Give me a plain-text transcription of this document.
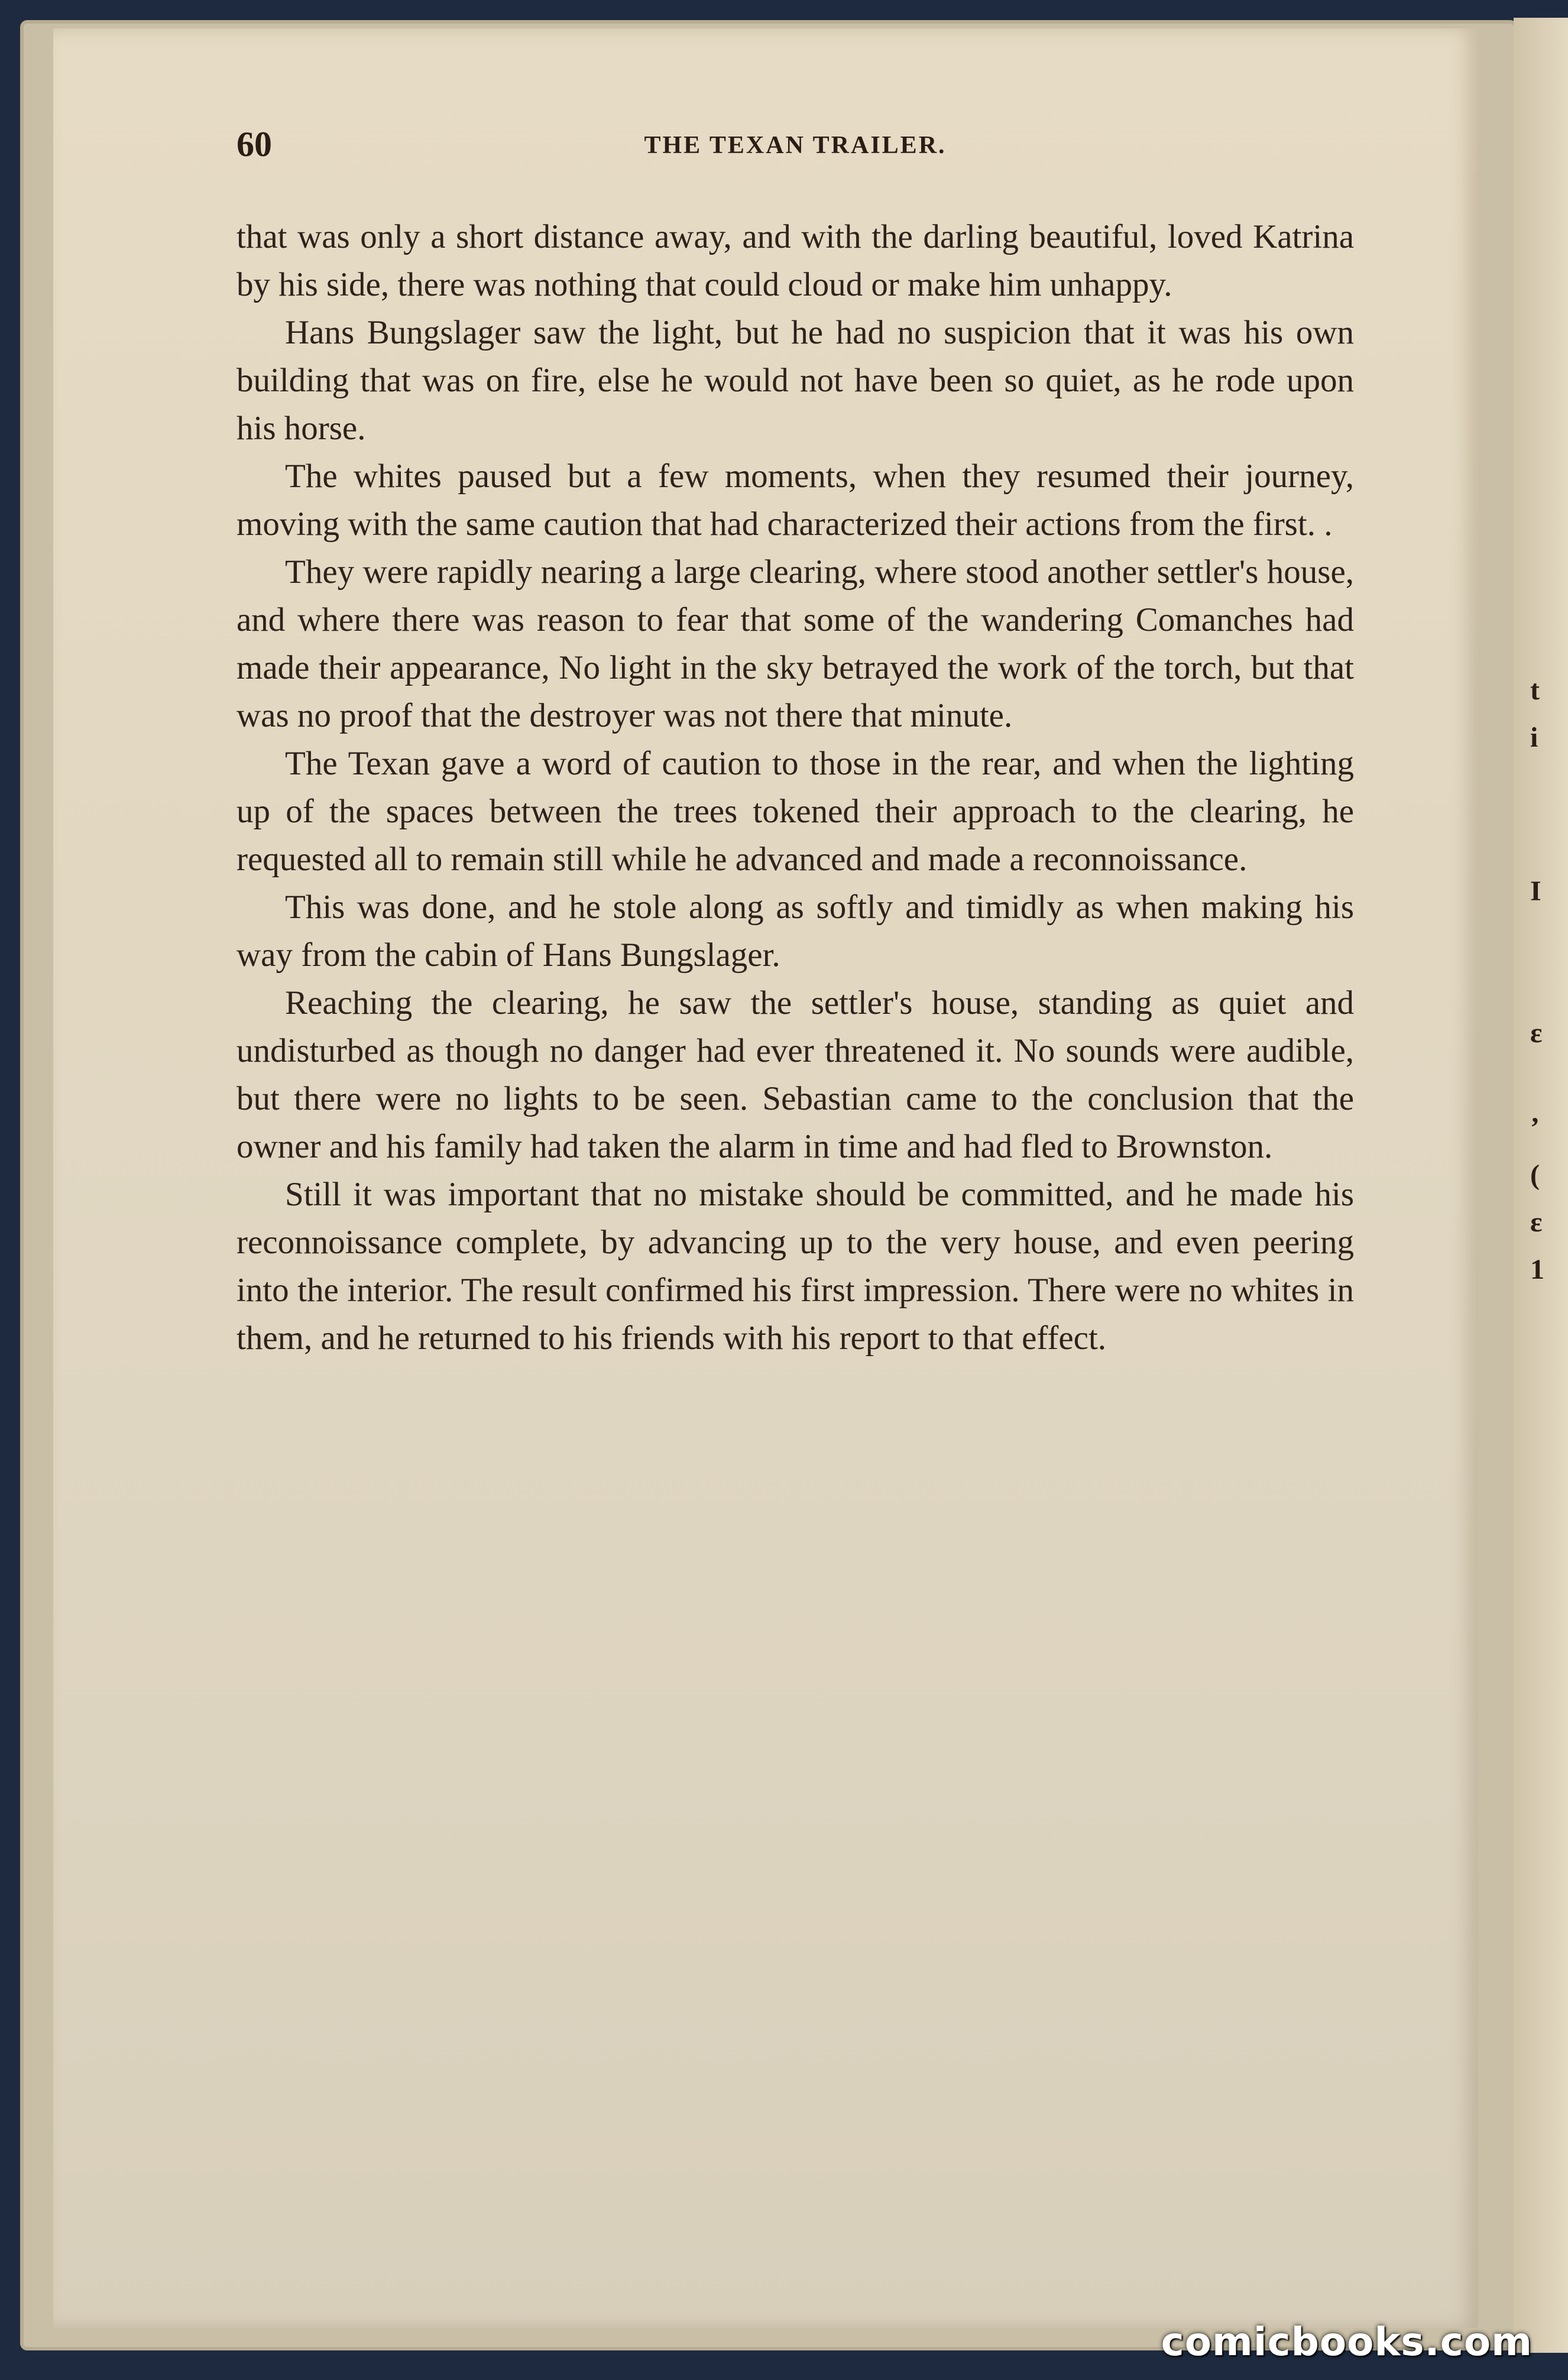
t
i
I
ε
ʼ
(
ε
1
60	THE TEXAN TRAILER.

that was only a short distance away, and with the darling beautiful, loved Katrina by his side, there was nothing that could cloud or make him unhappy.

Hans Bungslager saw the light, but he had no suspicion that it was his own building that was on fire, else he would not have been so quiet, as he rode upon his horse.

The whites paused but a few moments, when they resumed their journey, moving with the same caution that had characterized their actions from the first. .

They were rapidly nearing a large clearing, where stood another settler's house, and where there was reason to fear that some of the wandering Comanches had made their appearance, No light in the sky betrayed the work of the torch, but that was no proof that the destroyer was not there that minute.

The Texan gave a word of caution to those in the rear, and when the lighting up of the spaces between the trees tokened their approach to the clearing, he requested all to remain still while he advanced and made a reconnoissance.

This was done, and he stole along as softly and timidly as when making his way from the cabin of Hans Bungslager.

Reaching the clearing, he saw the settler's house, standing as quiet and undisturbed as though no danger had ever threatened it. No sounds were audible, but there were no lights to be seen. Sebastian came to the conclusion that the owner and his family had taken the alarm in time and had fled to Brownston.

Still it was important that no mistake should be committed, and he made his reconnoissance complete, by advancing up to the very house, and even peering into the interior. The result confirmed his first impression. There were no whites in them, and he returned to his friends with his report to that effect.

comicbooks.com
